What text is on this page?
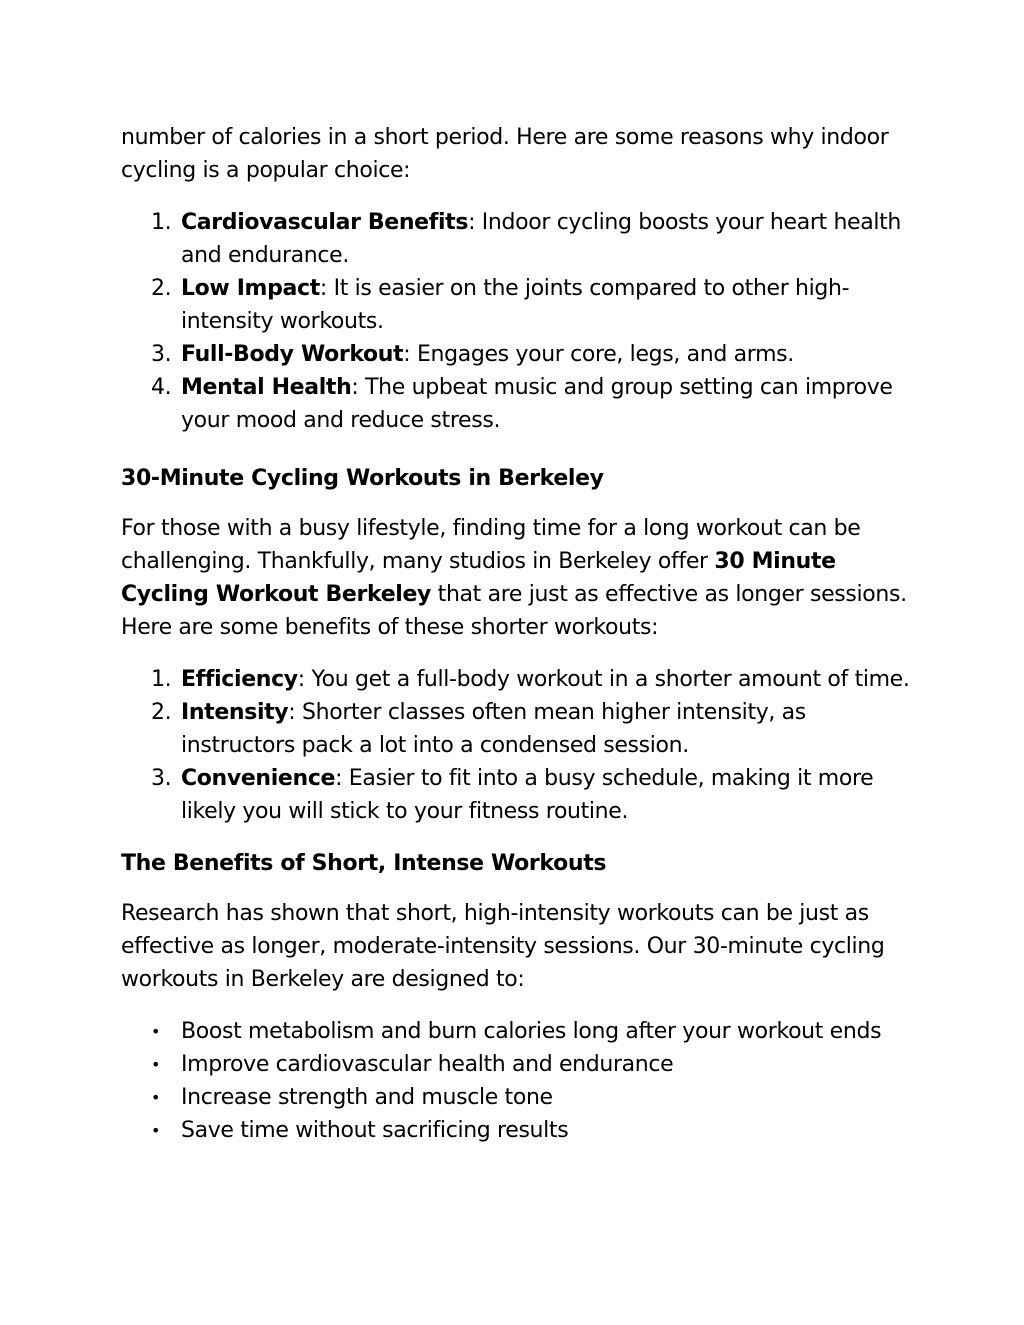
number of calories in a short period. Here are some reasons why indoor cycling is a popular choice:

1. Cardiovascular Benefits: Indoor cycling boosts your heart health and endurance.
2. Low Impact: It is easier on the joints compared to other high-intensity workouts.
3. Full-Body Workout: Engages your core, legs, and arms.
4. Mental Health: The upbeat music and group setting can improve your mood and reduce stress.

30-Minute Cycling Workouts in Berkeley

For those with a busy lifestyle, finding time for a long workout can be challenging. Thankfully, many studios in Berkeley offer 30 Minute Cycling Workout Berkeley that are just as effective as longer sessions. Here are some benefits of these shorter workouts:

1. Efficiency: You get a full-body workout in a shorter amount of time.
2. Intensity: Shorter classes often mean higher intensity, as instructors pack a lot into a condensed session.
3. Convenience: Easier to fit into a busy schedule, making it more likely you will stick to your fitness routine.

The Benefits of Short, Intense Workouts

Research has shown that short, high-intensity workouts can be just as effective as longer, moderate-intensity sessions. Our 30-minute cycling workouts in Berkeley are designed to:

• Boost metabolism and burn calories long after your workout ends
• Improve cardiovascular health and endurance
• Increase strength and muscle tone
• Save time without sacrificing results
